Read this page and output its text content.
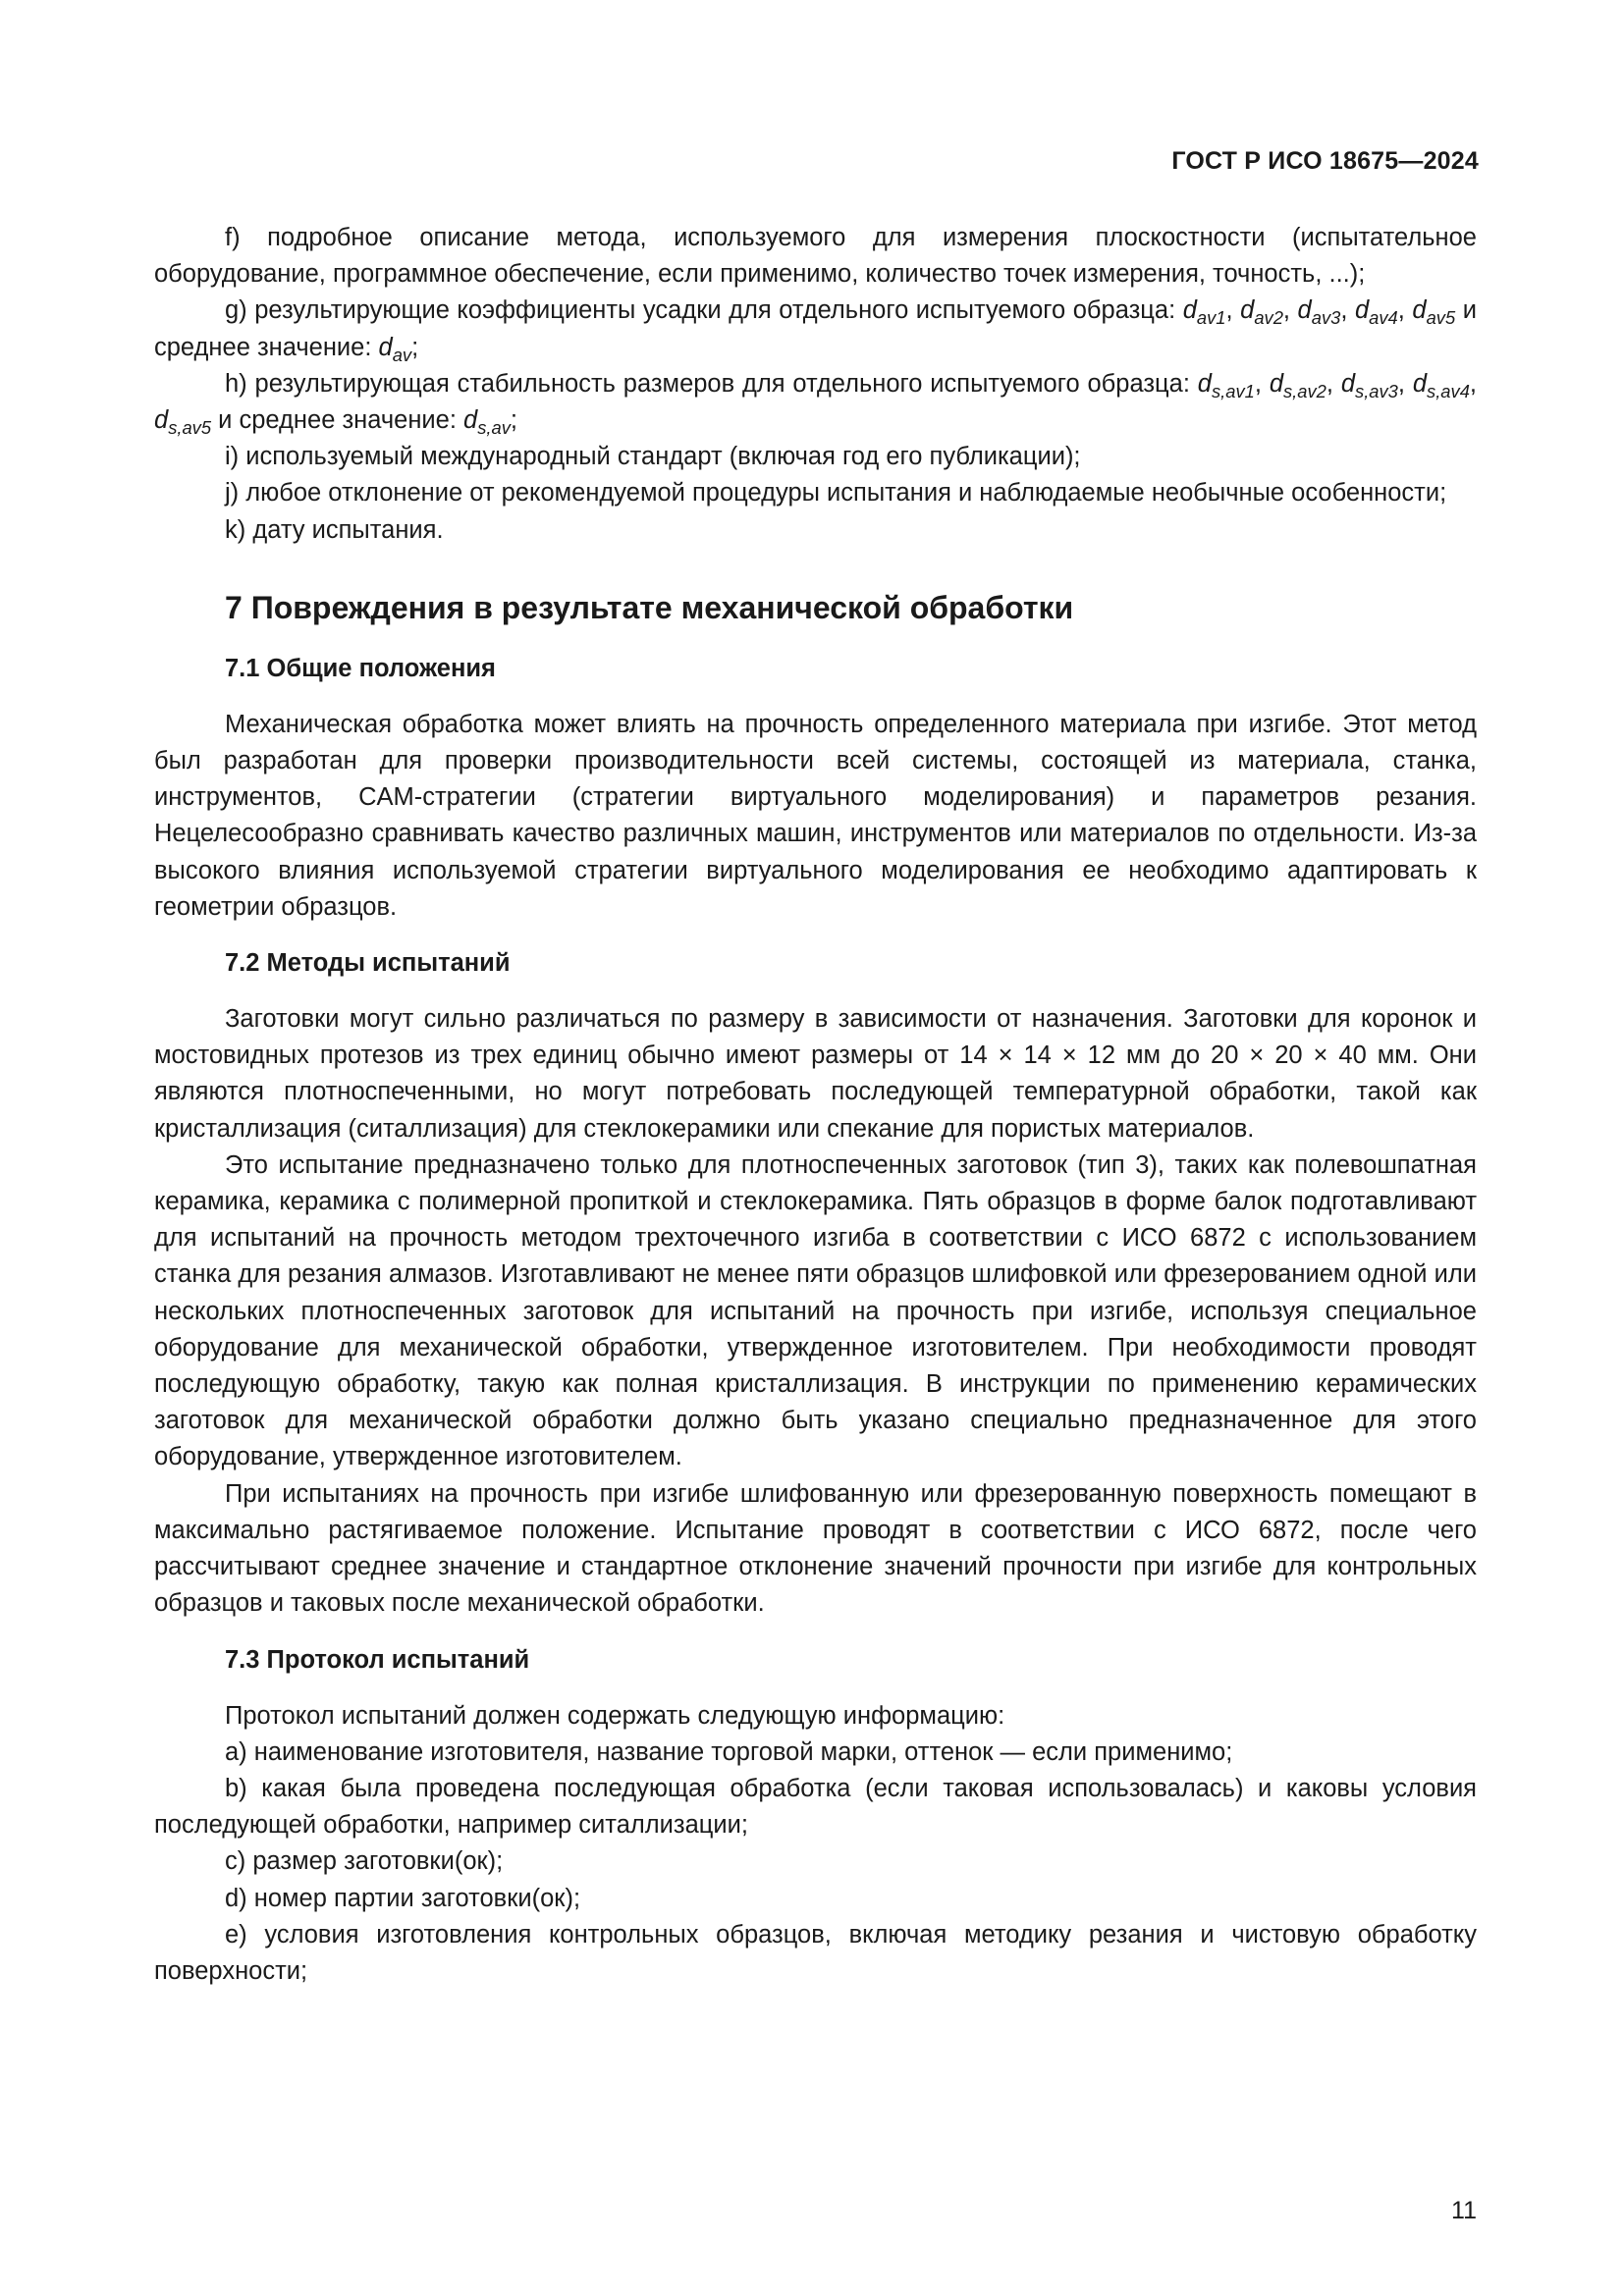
ГОСТ Р ИСО 18675—2024

f) подробное описание метода, используемого для измерения плоскостности (испытательное оборудование, программное обеспечение, если применимо, количество точек измерения, точность, ...);

g) результирующие коэффициенты усадки для отдельного испытуемого образца: $d_{av1}$, $d_{av2}$, $d_{av3}$, $d_{av4}$, $d_{av5}$ и среднее значение: $d_{av}$;

h) результирующая стабильность размеров для отдельного испытуемого образца: $d_{s,av1}$, $d_{s,av2}$, $d_{s,av3}$, $d_{s,av4}$, $d_{s,av5}$ и среднее значение: $d_{s,av}$;

i) используемый международный стандарт (включая год его публикации);

j) любое отклонение от рекомендуемой процедуры испытания и наблюдаемые необычные особенности;

k) дату испытания.

7 Повреждения в результате механической обработки
7.1 Общие положения

Механическая обработка может влиять на прочность определенного материала при изгибе. Этот метод был разработан для проверки производительности всей системы, состоящей из материала, станка, инструментов, CAM-стратегии (стратегии виртуального моделирования) и параметров резания. Нецелесообразно сравнивать качество различных машин, инструментов или материалов по отдельности. Из-за высокого влияния используемой стратегии виртуального моделирования ее необходимо адаптировать к геометрии образцов.

7.2 Методы испытаний

Заготовки могут сильно различаться по размеру в зависимости от назначения. Заготовки для коронок и мостовидных протезов из трех единиц обычно имеют размеры от 14 × 14 × 12 мм до 20 × 20 × 40 мм. Они являются плотноспеченными, но могут потребовать последующей температурной обработки, такой как кристаллизация (ситаллизация) для стеклокерамики или спекание для пористых материалов.

Это испытание предназначено только для плотноспеченных заготовок (тип 3), таких как полевошпатная керамика, керамика с полимерной пропиткой и стеклокерамика. Пять образцов в форме балок подготавливают для испытаний на прочность методом трехточечного изгиба в соответствии с ИСО 6872 с использованием станка для резания алмазов. Изготавливают не менее пяти образцов шлифовкой или фрезерованием одной или нескольких плотноспеченных заготовок для испытаний на прочность при изгибе, используя специальное оборудование для механической обработки, утвержденное изготовителем. При необходимости проводят последующую обработку, такую как полная кристаллизация. В инструкции по применению керамических заготовок для механической обработки должно быть указано специально предназначенное для этого оборудование, утвержденное изготовителем.

При испытаниях на прочность при изгибе шлифованную или фрезерованную поверхность помещают в максимально растягиваемое положение. Испытание проводят в соответствии с ИСО 6872, после чего рассчитывают среднее значение и стандартное отклонение значений прочности при изгибе для контрольных образцов и таковых после механической обработки.

7.3 Протокол испытаний

Протокол испытаний должен содержать следующую информацию:

a) наименование изготовителя, название торговой марки, оттенок — если применимо;

b) какая была проведена последующая обработка (если таковая использовалась) и каковы условия последующей обработки, например ситаллизации;

c) размер заготовки(ок);

d) номер партии заготовки(ок);

e) условия изготовления контрольных образцов, включая методику резания и чистовую обработку поверхности;

11
